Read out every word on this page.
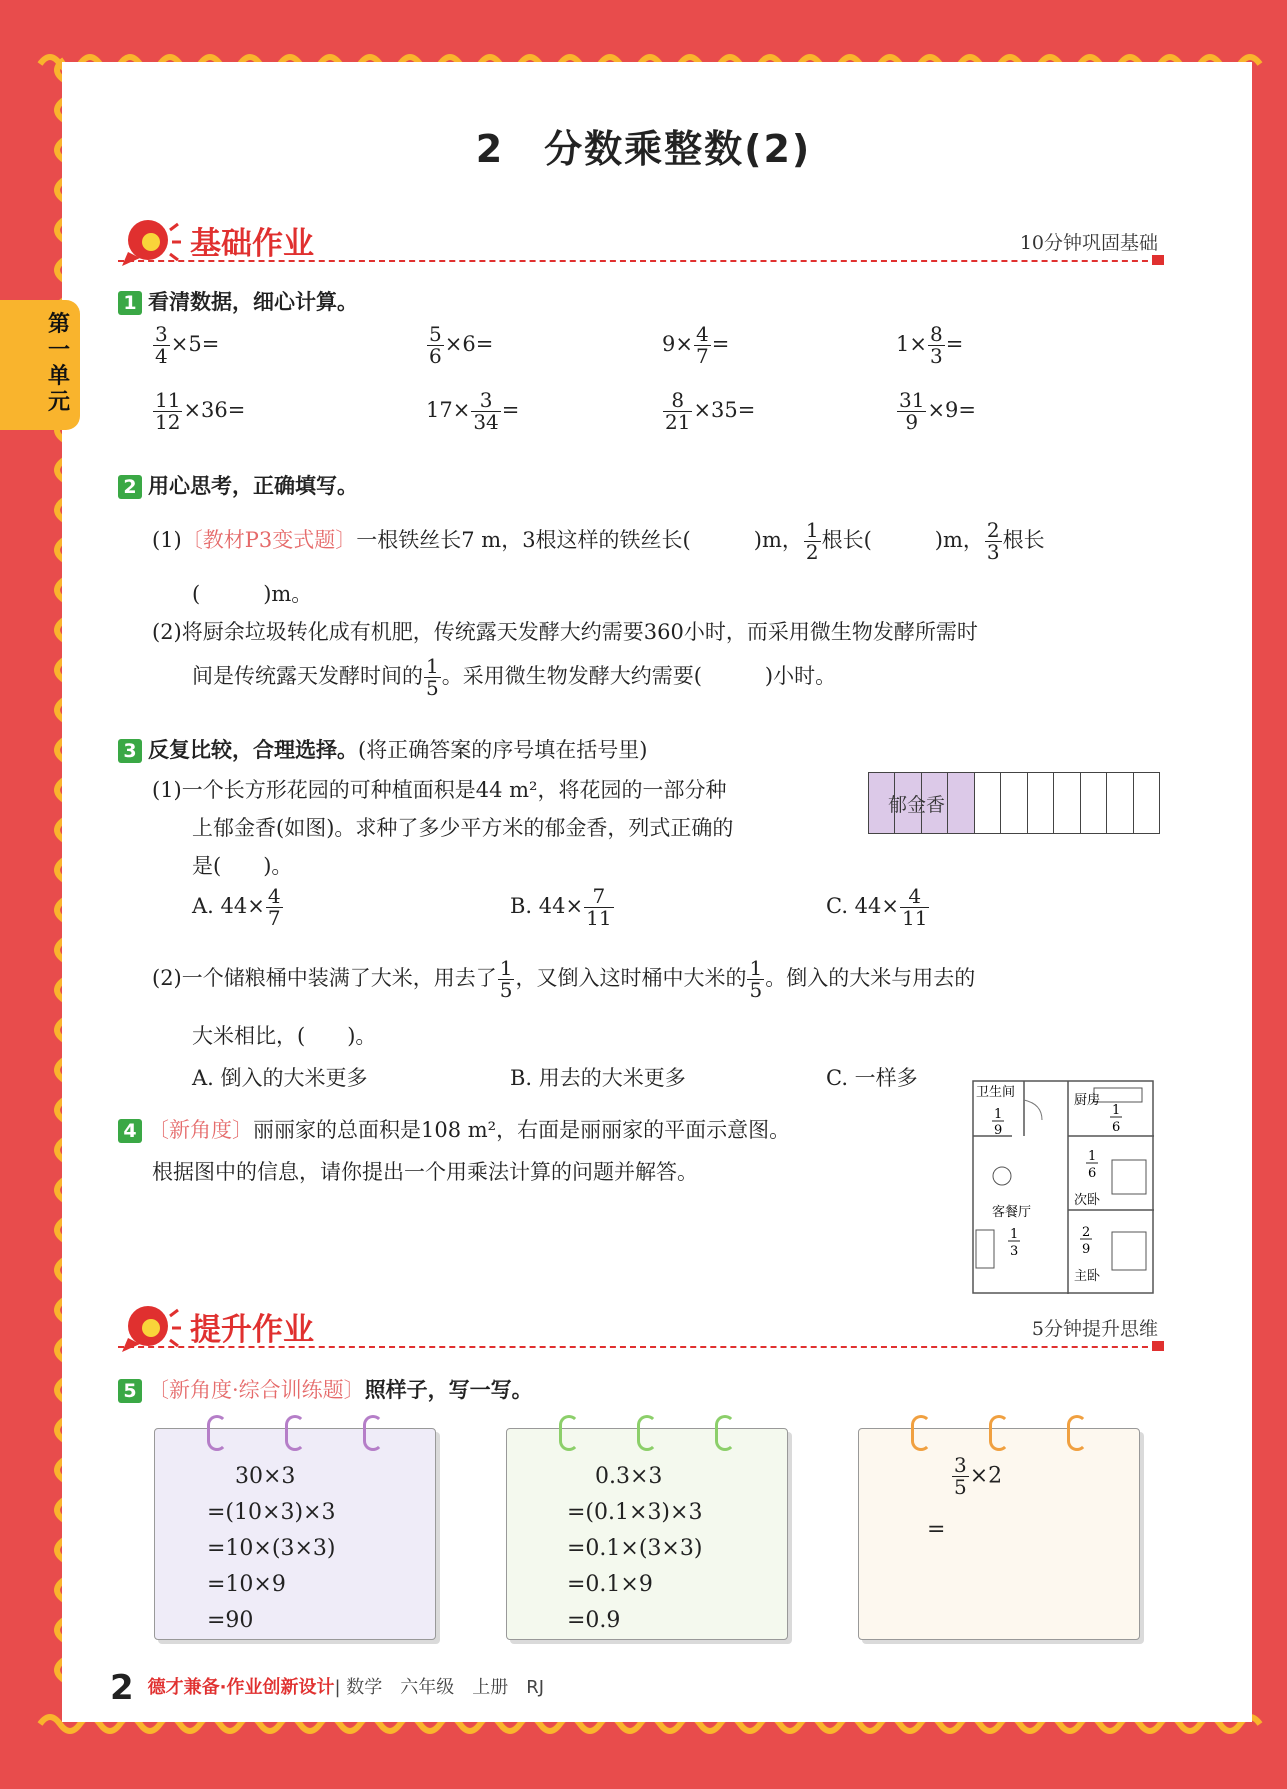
第一单元
2　分数乘整数(2)
基础作业	10分钟巩固基础
1 看清数据，细心计算。
$\frac{3}{4} \times 5=$	$\frac{5}{6} \times 6=$	$9\times \frac{4}{7}$ =	$1\times \frac{8}{3}$ =
$\frac{11}{12} \times 36=$	$17\times \frac{3}{34}$ =	$\frac{8}{21} \times 35=$	$\frac{31}{9} \times 9=$
2 用心思考，正确填写。
(1)〔教材P3变式题〕一根铁丝长7 m，3根这样的铁丝长(　　　)m， $\frac{1}{2}$ 根长(　　　)m， $\frac{2}{3}$ 根长
(　　　)m。
(2)将厨余垃圾转化成有机肥，传统露天发酵大约需要360小时，而采用微生物发酵所需时
间是传统露天发酵时间的 $\frac{1}{5}$ 。采用微生物发酵大约需要(　　　)小时。
3 反复比较，合理选择。(将正确答案的序号填在括号里)
(1)一个长方形花园的可种植面积是44 m²，将花园的一部分种
上郁金香(如图)。求种了多少平方米的郁金香，列式正确的
是(　　)。
郁金香
A. $44\times \frac{4}{7}$	B. $44\times \frac{7}{11}$	C. $44\times \frac{4}{11}$
(2)一个储粮桶中装满了大米，用去了 $\frac{1}{5}$ ，又倒入这时桶中大米的 $\frac{1}{5}$ 。倒入的大米与用去的
大米相比，(　　)。
A. 倒入的大米更多	B. 用去的大米更多	C. 一样多
4 〔新角度〕丽丽家的总面积是108 m²，右面是丽丽家的平面示意图。
根据图中的信息，请你提出一个用乘法计算的问题并解答。
卫生间
1
9
厨房
1
6
次卧
1
6
客餐厅
1
3
主卧
2
9
提升作业	5分钟提升思维
5 〔新角度·综合训练题〕照样子，写一写。
30×3
=(10×3)×3
=10×(3×3)
=10×9
=90
0.3×3
=(0.1×3)×3
=0.1×(3×3)
=0.1×9
=0.9
$\frac{3}{5} \times 2$
=
2 德才兼备·作业创新设计| 数学　六年级　上册　RJ
